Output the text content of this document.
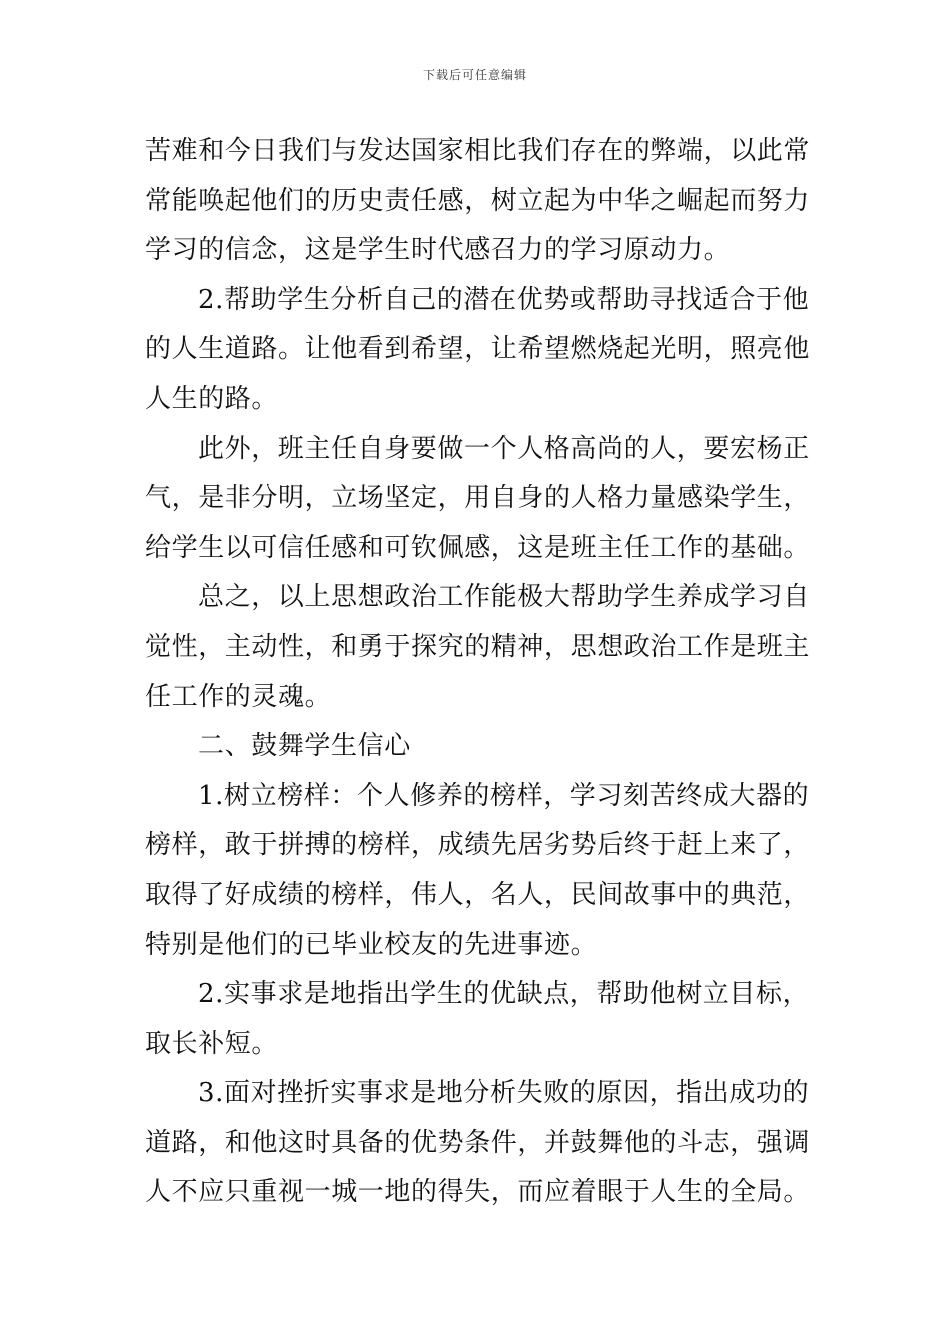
下载后可任意编辑
苦难和今日我们与发达国家相比我们存在的弊端，以此常
常能唤起他们的历史责任感，树立起为中华之崛起而努力
学习的信念，这是学生时代感召力的学习原动力。
2.帮助学生分析自己的潜在优势或帮助寻找适合于他
的人生道路。让他看到希望，让希望燃烧起光明，照亮他
人生的路。
此外，班主任自身要做一个人格高尚的人，要宏杨正
气，是非分明，立场坚定，用自身的人格力量感染学生，
给学生以可信任感和可钦佩感，这是班主任工作的基础。
总之，以上思想政治工作能极大帮助学生养成学习自
觉性，主动性，和勇于探究的精神，思想政治工作是班主
任工作的灵魂。
二、鼓舞学生信心
1.树立榜样：个人修养的榜样，学习刻苦终成大器的
榜样，敢于拼搏的榜样，成绩先居劣势后终于赶上来了，
取得了好成绩的榜样，伟人，名人，民间故事中的典范，
特别是他们的已毕业校友的先进事迹。
2.实事求是地指出学生的优缺点，帮助他树立目标，
取长补短。
3.面对挫折实事求是地分析失败的原因，指出成功的
道路，和他这时具备的优势条件，并鼓舞他的斗志，强调
人不应只重视一城一地的得失，而应着眼于人生的全局。
